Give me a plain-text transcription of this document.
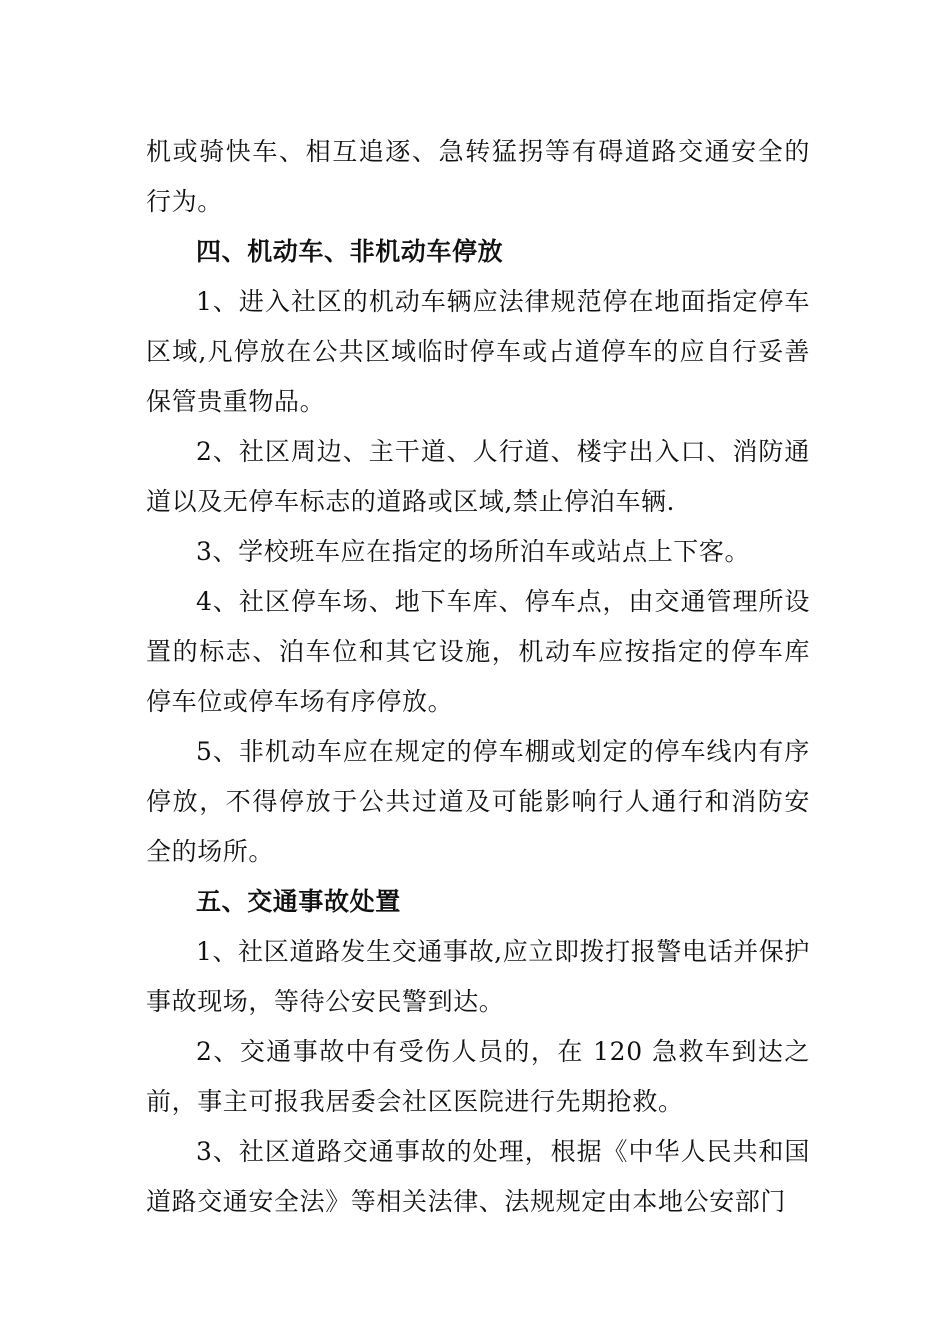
机或骑快车、相互追逐、急转猛拐等有碍道路交通安全的行为。

四、机动车、非机动车停放

1、进入社区的机动车辆应法律规范停在地面指定停车区域,凡停放在公共区域临时停车或占道停车的应自行妥善保管贵重物品。

2、社区周边、主干道、人行道、楼宇出入口、消防通道以及无停车标志的道路或区域,禁止停泊车辆.

3、学校班车应在指定的场所泊车或站点上下客。

4、社区停车场、地下车库、停车点，由交通管理所设置的标志、泊车位和其它设施，机动车应按指定的停车库停车位或停车场有序停放。

5、非机动车应在规定的停车棚或划定的停车线内有序停放，不得停放于公共过道及可能影响行人通行和消防安全的场所。

五、交通事故处置

1、社区道路发生交通事故,应立即拨打报警电话并保护事故现场，等待公安民警到达。

2、交通事故中有受伤人员的，在 120 急救车到达之前，事主可报我居委会社区医院进行先期抢救。

3、社区道路交通事故的处理，根据《中华人民共和国道路交通安全法》等相关法律、法规规定由本地公安部门
